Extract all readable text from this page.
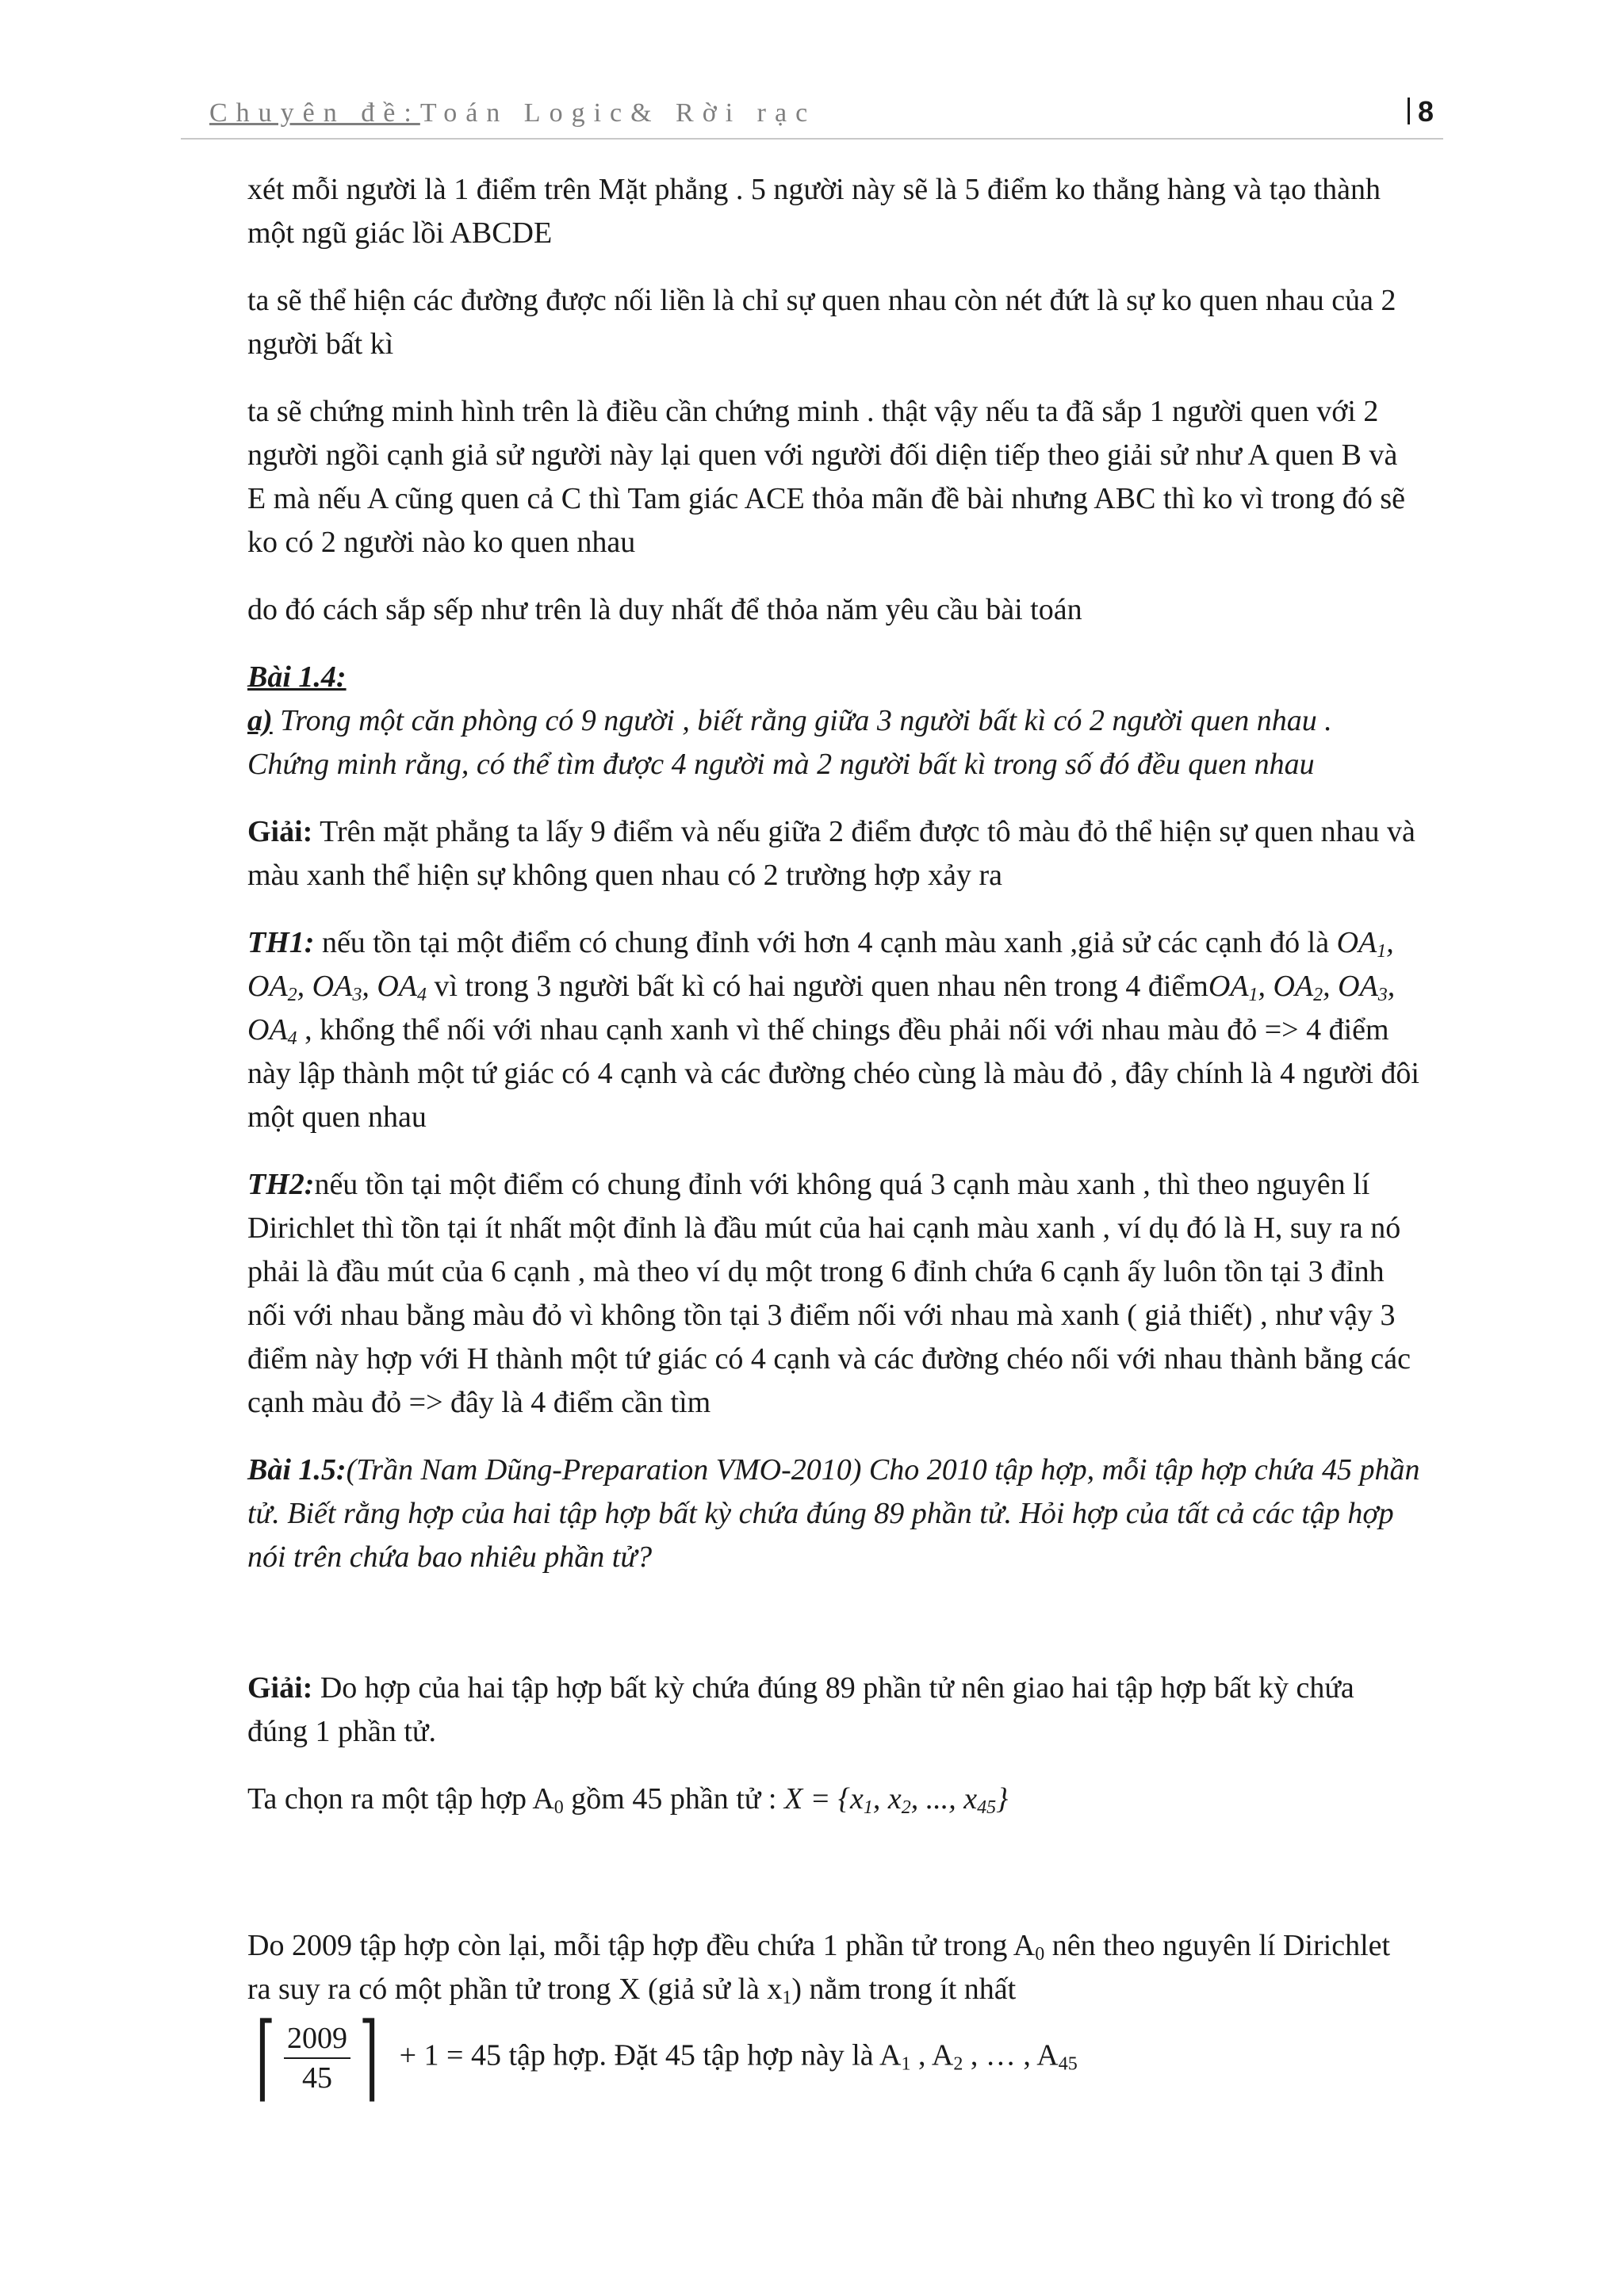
Chuyên đề:Toán Logic& Rời rạc	8

xét mỗi người là 1 điểm trên Mặt phẳng . 5 người này sẽ là 5 điểm ko thẳng hàng và tạo thành một ngũ giác lồi ABCDE

ta sẽ thể hiện các đường được nối liền là chỉ sự quen nhau còn nét đứt là sự ko quen nhau của 2 người bất kì

ta sẽ chứng minh hình trên là điều cần chứng minh . thật vậy nếu ta đã sắp 1 người quen với 2 người ngồi cạnh giả sử người này lại quen với người đối diện tiếp theo giải sử như A quen B và E mà nếu A cũng quen cả C thì Tam giác ACE thỏa mãn đề bài nhưng ABC thì ko vì trong đó sẽ ko có 2 người nào ko quen nhau

do đó cách sắp sếp như trên là duy nhất để thỏa năm yêu cầu bài toán

Bài 1.4:

a) Trong một căn phòng có 9 người , biết rằng giữa 3 người bất kì có 2 người quen nhau . Chứng minh rằng, có thể tìm được 4 người mà 2 người bất kì trong số đó đều quen nhau

Giải: Trên mặt phẳng ta lấy 9 điểm và nếu giữa 2 điểm được tô màu đỏ thể hiện sự quen nhau và màu xanh thể hiện sự không quen nhau có 2 trường hợp xảy ra

TH1: nếu tồn tại một điểm có chung đỉnh với hơn 4 cạnh màu xanh ,giả sử các cạnh đó là $OA_1$, $OA_2$, $OA_3$, $OA_4$ vì trong 3 người bất kì có hai người quen nhau nên trong 4 điểmOA$_1$, $OA_2$, $OA_3$, $OA_4$ , khổng thể nối với nhau cạnh xanh vì thế chings đều phải nối với nhau màu đỏ => 4 điểm này lập thành một tứ giác có 4 cạnh và các đường chéo cùng là màu đỏ , đây chính là 4 người đôi một quen nhau

TH2:nếu tồn tại một điểm có chung đỉnh với không quá 3 cạnh màu xanh , thì theo nguyên lí Dirichlet thì tồn tại ít nhất một đỉnh là đầu mút của hai cạnh màu xanh , ví dụ đó là H, suy ra nó phải là đầu mút của 6 cạnh , mà theo ví dụ một trong 6 đỉnh chứa 6 cạnh ấy luôn tồn tại 3 đỉnh nối với nhau bằng màu đỏ vì không tồn tại 3 điểm nối với nhau mà xanh ( giả thiết) , như vậy 3 điểm này hợp với H thành một tứ giác có 4 cạnh và các đường chéo nối với nhau thành bằng các cạnh màu đỏ => đây là 4 điểm cần tìm

Bài 1.5:(Trần Nam Dũng-Preparation VMO-2010) Cho 2010 tập hợp, mỗi tập hợp chứa 45 phần tử. Biết rằng hợp của hai tập hợp bất kỳ chứa đúng 89 phần tử. Hỏi hợp của tất cả các tập hợp nói trên chứa bao nhiêu phần tử?

Giải: Do hợp của hai tập hợp bất kỳ chứa đúng 89 phần tử nên giao hai tập hợp bất kỳ chứa đúng 1 phần tử.

Ta chọn ra một tập hợp $A_0$ gồm 45 phần tử : $X = \{x_1$, $x_2$, ..., $x_{45}$}

Do 2009 tập hợp còn lại, mỗi tập hợp đều chứa 1 phần tử trong $A_0$ nên theo nguyên lí Dirichlet ra suy ra có một phần tử trong X (giả sử là $x_1$) nằm trong ít nhất

⌈ $\frac{2009}{45}$ ⌉ + 1 = 45 tập hợp. Đặt 45 tập hợp này là $A_1$ , $A_2$ , … , $A_{45}$
